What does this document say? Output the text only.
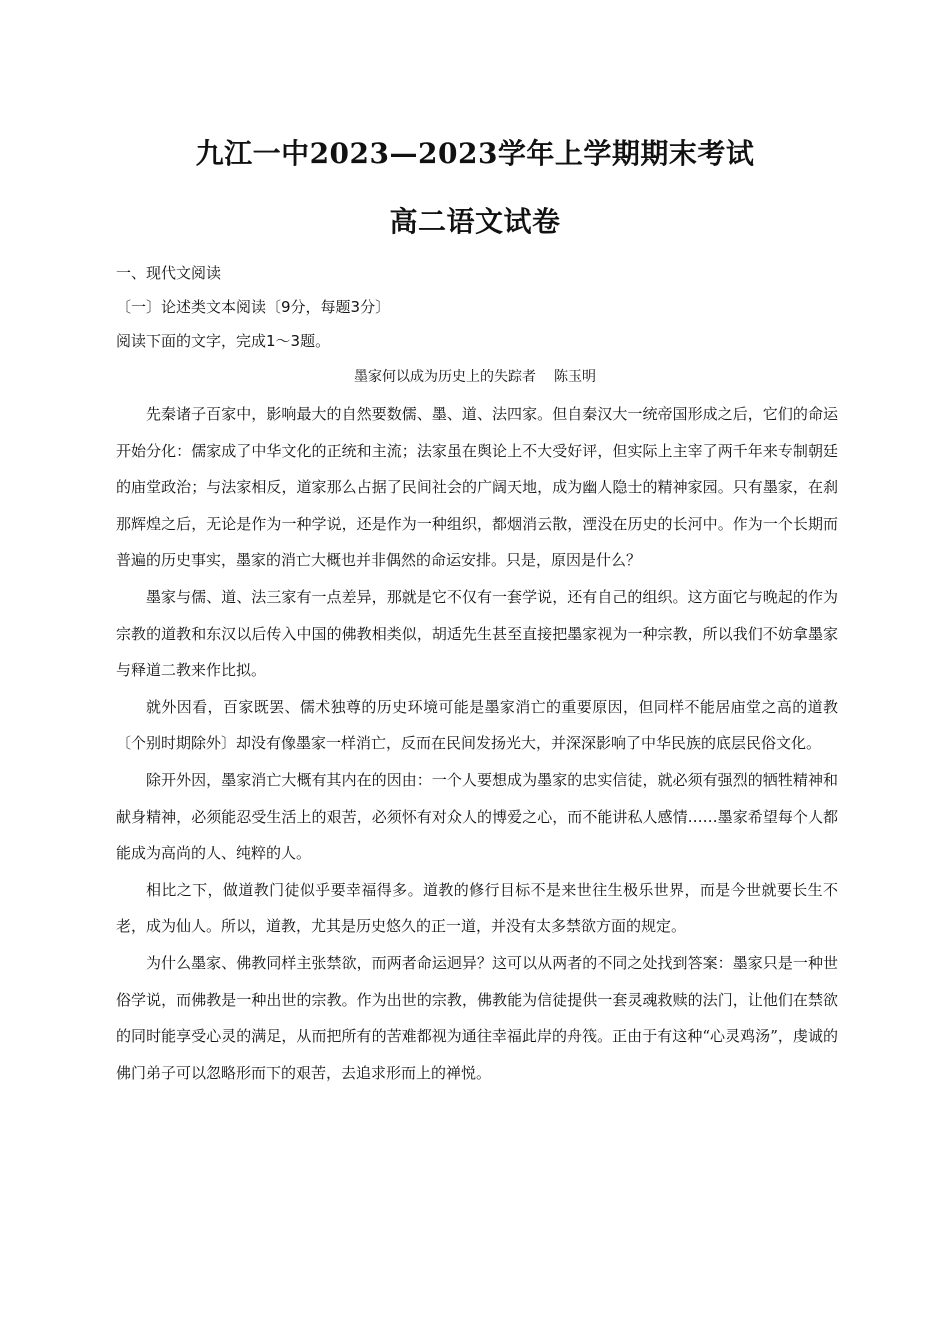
九江一中2023—2023学年上学期期末考试
高二语文试卷
一、现代文阅读
〔一〕论述类文本阅读〔9分，每题3分〕
阅读下面的文字，完成1～3题。
墨家何以成为历史上的失踪者 陈玉明

先秦诸子百家中，影响最大的自然要数儒、墨、道、法四家。但自秦汉大一统帝国形成之后，它们的命运开始分化：儒家成了中华文化的正统和主流；法家虽在舆论上不大受好评，但实际上主宰了两千年来专制朝廷的庙堂政治；与法家相反，道家那么占据了民间社会的广阔天地，成为幽人隐士的精神家园。只有墨家，在刹那辉煌之后，无论是作为一种学说，还是作为一种组织，都烟消云散，湮没在历史的长河中。作为一个长期而普遍的历史事实，墨家的消亡大概也并非偶然的命运安排。只是，原因是什么？

墨家与儒、道、法三家有一点差异，那就是它不仅有一套学说，还有自己的组织。这方面它与晚起的作为宗教的道教和东汉以后传入中国的佛教相类似，胡适先生甚至直接把墨家视为一种宗教，所以我们不妨拿墨家与释道二教来作比拟。

就外因看，百家既罢、儒术独尊的历史环境可能是墨家消亡的重要原因，但同样不能居庙堂之高的道教〔个别时期除外〕却没有像墨家一样消亡，反而在民间发扬光大，并深深影响了中华民族的底层民俗文化。

除开外因，墨家消亡大概有其内在的因由：一个人要想成为墨家的忠实信徒，就必须有强烈的牺牲精神和献身精神，必须能忍受生活上的艰苦，必须怀有对众人的博爱之心，而不能讲私人感情……墨家希望每个人都能成为高尚的人、纯粹的人。

相比之下，做道教门徒似乎要幸福得多。道教的修行目标不是来世往生极乐世界，而是今世就要长生不老，成为仙人。所以，道教，尤其是历史悠久的正一道，并没有太多禁欲方面的规定。

为什么墨家、佛教同样主张禁欲，而两者命运迥异？这可以从两者的不同之处找到答案：墨家只是一种世俗学说，而佛教是一种出世的宗教。作为出世的宗教，佛教能为信徒提供一套灵魂救赎的法门，让他们在禁欲的同时能享受心灵的满足，从而把所有的苦难都视为通往幸福此岸的舟筏。正由于有这种“心灵鸡汤”，虔诚的佛门弟子可以忽略形而下的艰苦，去追求形而上的禅悦。
